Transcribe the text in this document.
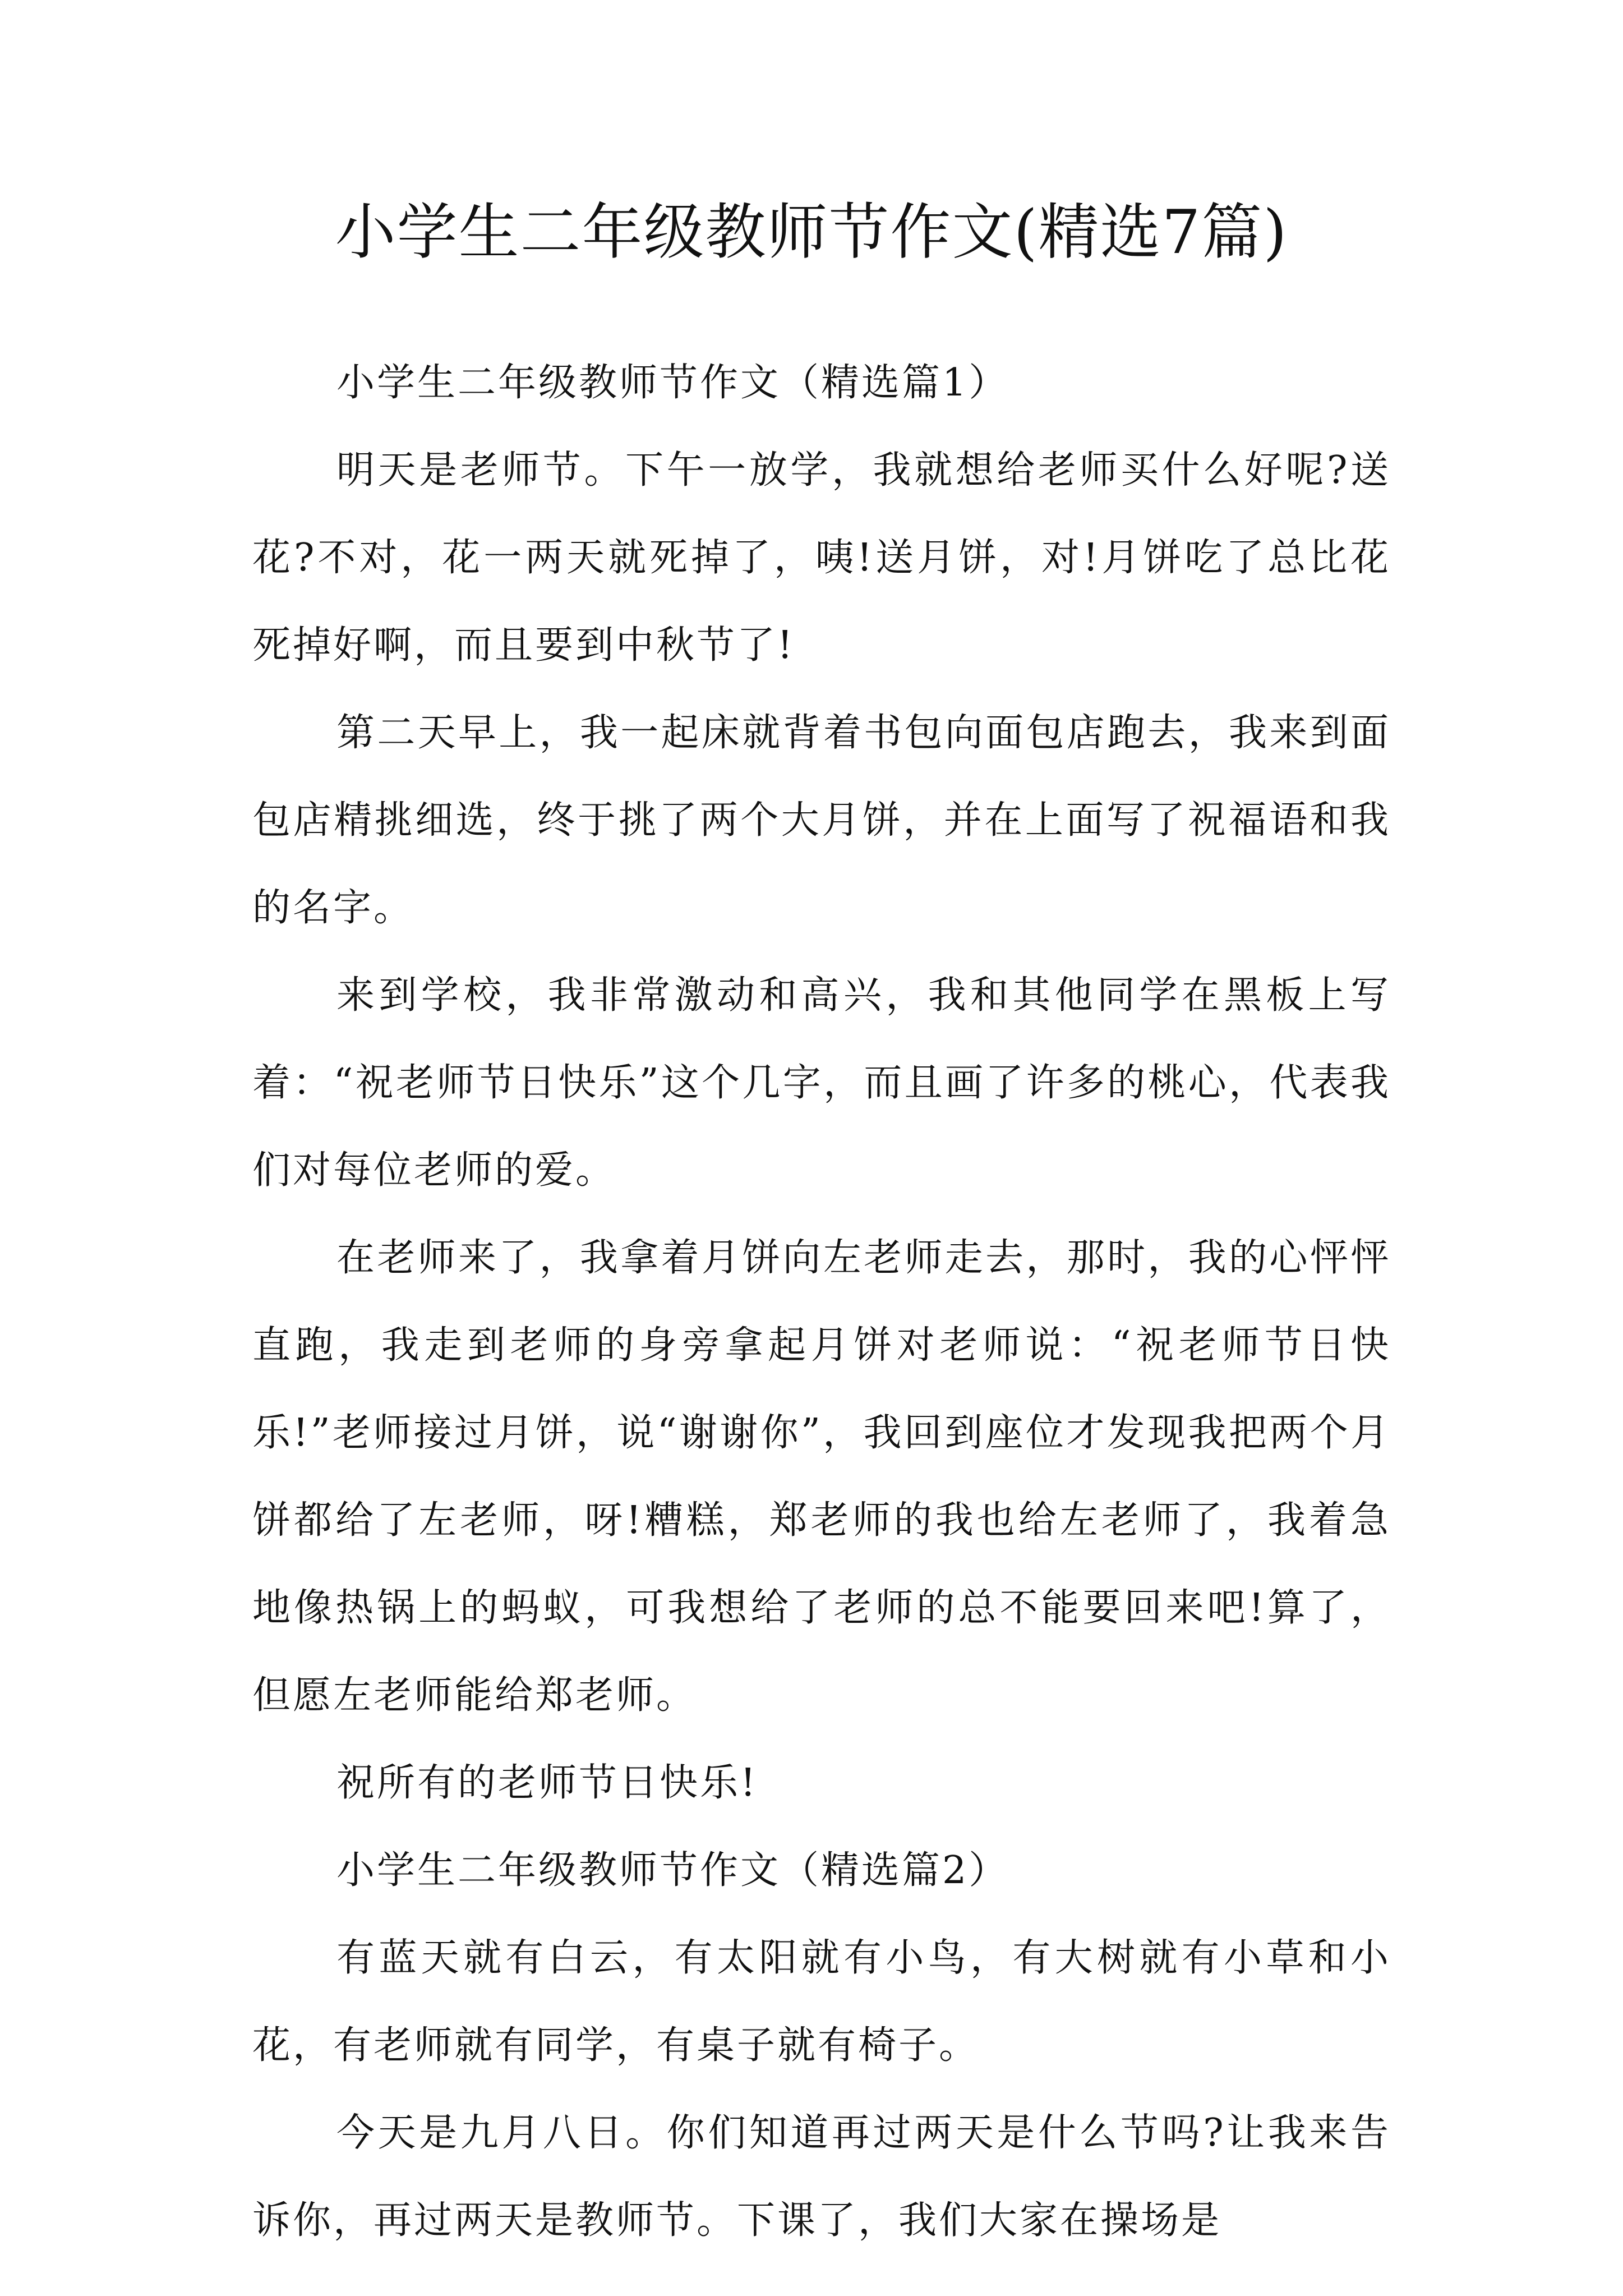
小学生二年级教师节作文(精选7篇)

小学生二年级教师节作文（精选篇1）

明天是老师节。下午一放学，我就想给老师买什么好呢?送花?不对，花一两天就死掉了，咦!送月饼，对!月饼吃了总比花死掉好啊，而且要到中秋节了!

第二天早上，我一起床就背着书包向面包店跑去，我来到面包店精挑细选，终于挑了两个大月饼，并在上面写了祝福语和我的名字。

来到学校，我非常激动和高兴，我和其他同学在黑板上写着：“祝老师节日快乐”这个几字，而且画了许多的桃心，代表我们对每位老师的爱。

在老师来了，我拿着月饼向左老师走去，那时，我的心怦怦直跑，我走到老师的身旁拿起月饼对老师说：“祝老师节日快乐!”老师接过月饼，说“谢谢你”，我回到座位才发现我把两个月饼都给了左老师，呀!糟糕，郑老师的我也给左老师了，我着急地像热锅上的蚂蚁，可我想给了老师的总不能要回来吧!算了，但愿左老师能给郑老师。

祝所有的老师节日快乐!

小学生二年级教师节作文（精选篇2）

有蓝天就有白云，有太阳就有小鸟，有大树就有小草和小花，有老师就有同学，有桌子就有椅子。

今天是九月八日。你们知道再过两天是什么节吗?让我来告诉你，再过两天是教师节。下课了，我们大家在操场是
